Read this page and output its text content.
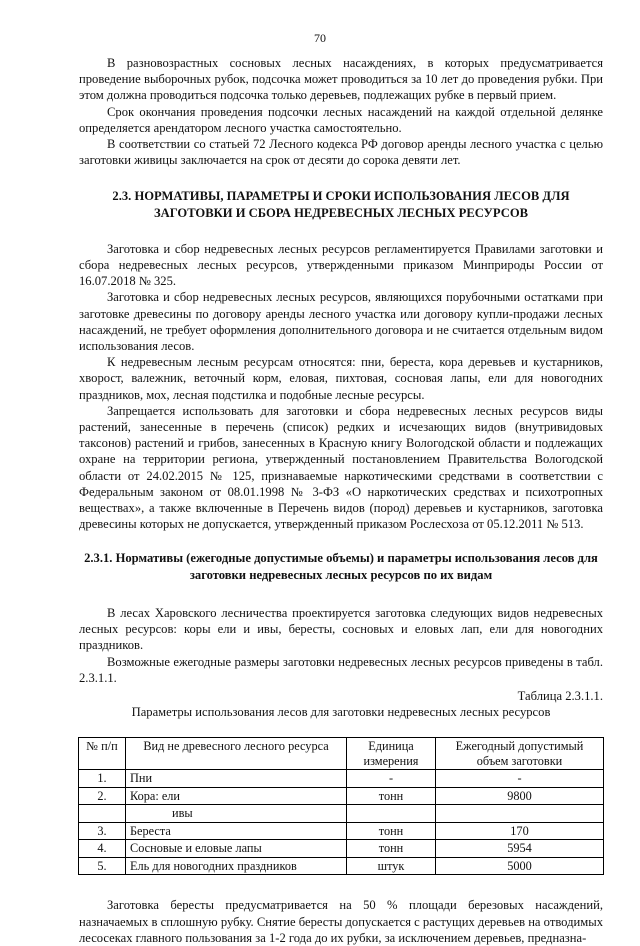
70

В разновозрастных сосновых лесных насаждениях, в которых предусматривается проведение выборочных рубок, подсочка может проводиться за 10 лет до проведения рубки. При этом должна проводиться подсочка только деревьев, подлежащих рубке в первый прием.

Срок окончания проведения подсочки лесных насаждений на каждой отдельной делянке определяется арендатором лесного участка самостоятельно.

В соответствии со статьей 72 Лесного кодекса РФ договор аренды лесного участка с целью заготовки живицы заключается на срок от десяти до сорока девяти лет.

2.3. НОРМАТИВЫ, ПАРАМЕТРЫ И СРОКИ ИСПОЛЬЗОВАНИЯ ЛЕСОВ ДЛЯ ЗАГОТОВКИ И СБОРА НЕДРЕВЕСНЫХ ЛЕСНЫХ РЕСУРСОВ

Заготовка и сбор недревесных лесных ресурсов регламентируется Правилами заготовки и сбора недревесных лесных ресурсов, утвержденными приказом Минприроды России от 16.07.2018 № 325.

Заготовка и сбор недревесных лесных ресурсов, являющихся порубочными остатками при заготовке древесины по договору аренды лесного участка или договору купли-продажи лесных насаждений, не требует оформления дополнительного договора и не считается отдельным видом использования лесов.

К недревесным лесным ресурсам относятся: пни, береста, кора деревьев и кустарников, хворост, валежник, веточный корм, еловая, пихтовая, сосновая лапы, ели для новогодних праздников, мох, лесная подстилка и подобные лесные ресурсы.

Запрещается использовать для заготовки и сбора недревесных лесных ресурсов виды растений, занесенные в перечень (список) редких и исчезающих видов (внутривидовых таксонов) растений и грибов, занесенных в Красную книгу Вологодской области и подлежащих охране на территории региона, утвержденный постановлением Правительства Вологодской области от 24.02.2015 № 125, признаваемые наркотическими средствами в соответствии с Федеральным законом от 08.01.1998 № 3-ФЗ «О наркотических средствах и психотропных веществах», а также включенные в Перечень видов (пород) деревьев и кустарников, заготовка древесины которых не допускается, утвержденный приказом Рослесхоза от 05.12.2011 № 513.

2.3.1. Нормативы (ежегодные допустимые объемы) и параметры использования лесов для заготовки недревесных лесных ресурсов по их видам

В лесах Харовского лесничества проектируется заготовка следующих видов недревесных лесных ресурсов: коры ели и ивы, бересты, сосновых и еловых лап, ели для новогодних праздников.

Возможные ежегодные размеры заготовки недревесных лесных ресурсов приведены в табл. 2.3.1.1.

Таблица 2.3.1.1.
Параметры использования лесов для заготовки недревесных лесных ресурсов
№ п/п	Вид не древесного лесного ресурса	Единица измерения	Ежегодный допустимый объем заготовки
1.	Пни	-	-
2.	Кора: ели	тонн	9800
	ивы		
3.	Береста	тонн	170
4.	Сосновые и еловые лапы	тонн	5954
5.	Ель для новогодних праздников	штук	5000

Заготовка бересты предусматривается на 50 % площади березовых насаждений, назначаемых в сплошную рубку. Снятие бересты допускается с растущих деревьев на отводимых лесосеках главного пользования за 1-2 года до их рубки, за исключением деревьев, предназна-
